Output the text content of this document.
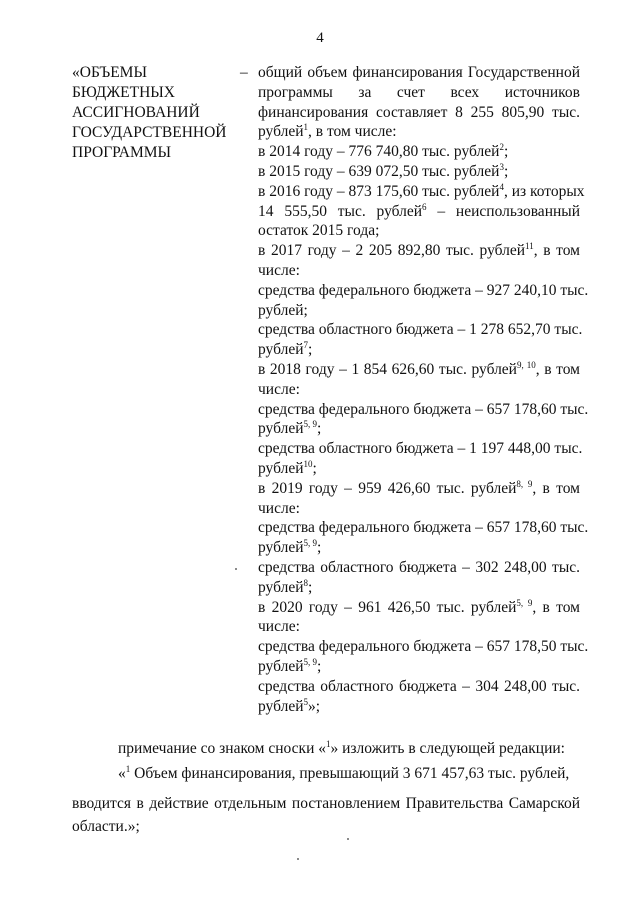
4
«ОБЪЕМЫ
БЮДЖЕТНЫХ
АССИГНОВАНИЙ
ГОСУДАРСТВЕННОЙ
ПРОГРАММЫ
– общий объем финансирования Государственной
программы за счет всех источников
финансирования составляет 8 255 805,90 тыс.
рублей$^1$, в том числе:
в 2014 году – 776 740,80 тыс. рублей$^2$;
в 2015 году – 639 072,50 тыс. рублей$^3$;
в 2016 году – 873 175,60 тыс. рублей$^4$, из которых
14 555,50 тыс. рублей$^6$ – неиспользованный
остаток 2015 года;
в 2017 году – 2 205 892,80 тыс. рублей$^{11}$, в том
числе:
средства федерального бюджета – 927 240,10 тыс.
рублей;
средства областного бюджета – 1 278 652,70 тыс.
рублей$^7$;
в 2018 году – 1 854 626,60 тыс. рублей$^{9, 10}$, в том
числе:
средства федерального бюджета – 657 178,60 тыс.
рублей$^{5, 9}$;
средства областного бюджета – 1 197 448,00 тыс.
рублей$^{10}$;
в 2019 году – 959 426,60 тыс. рублей$^{8, 9}$, в том
числе:
средства федерального бюджета – 657 178,60 тыс.
рублей$^{5, 9}$;
средства областного бюджета – 302 248,00 тыс.
рублей$^8$;
в 2020 году – 961 426,50 тыс. рублей$^{5, 9}$, в том
числе:
средства федерального бюджета – 657 178,50 тыс.
рублей$^{5, 9}$;
средства областного бюджета – 304 248,00 тыс.
рублей$^5$»;
примечание со знаком сноски «$^1$» изложить в следующей редакции:
«$^1$ Объем финансирования, превышающий 3 671 457,63 тыс. рублей,
вводится в действие отдельным постановлением Правительства Самарской
области.»;
